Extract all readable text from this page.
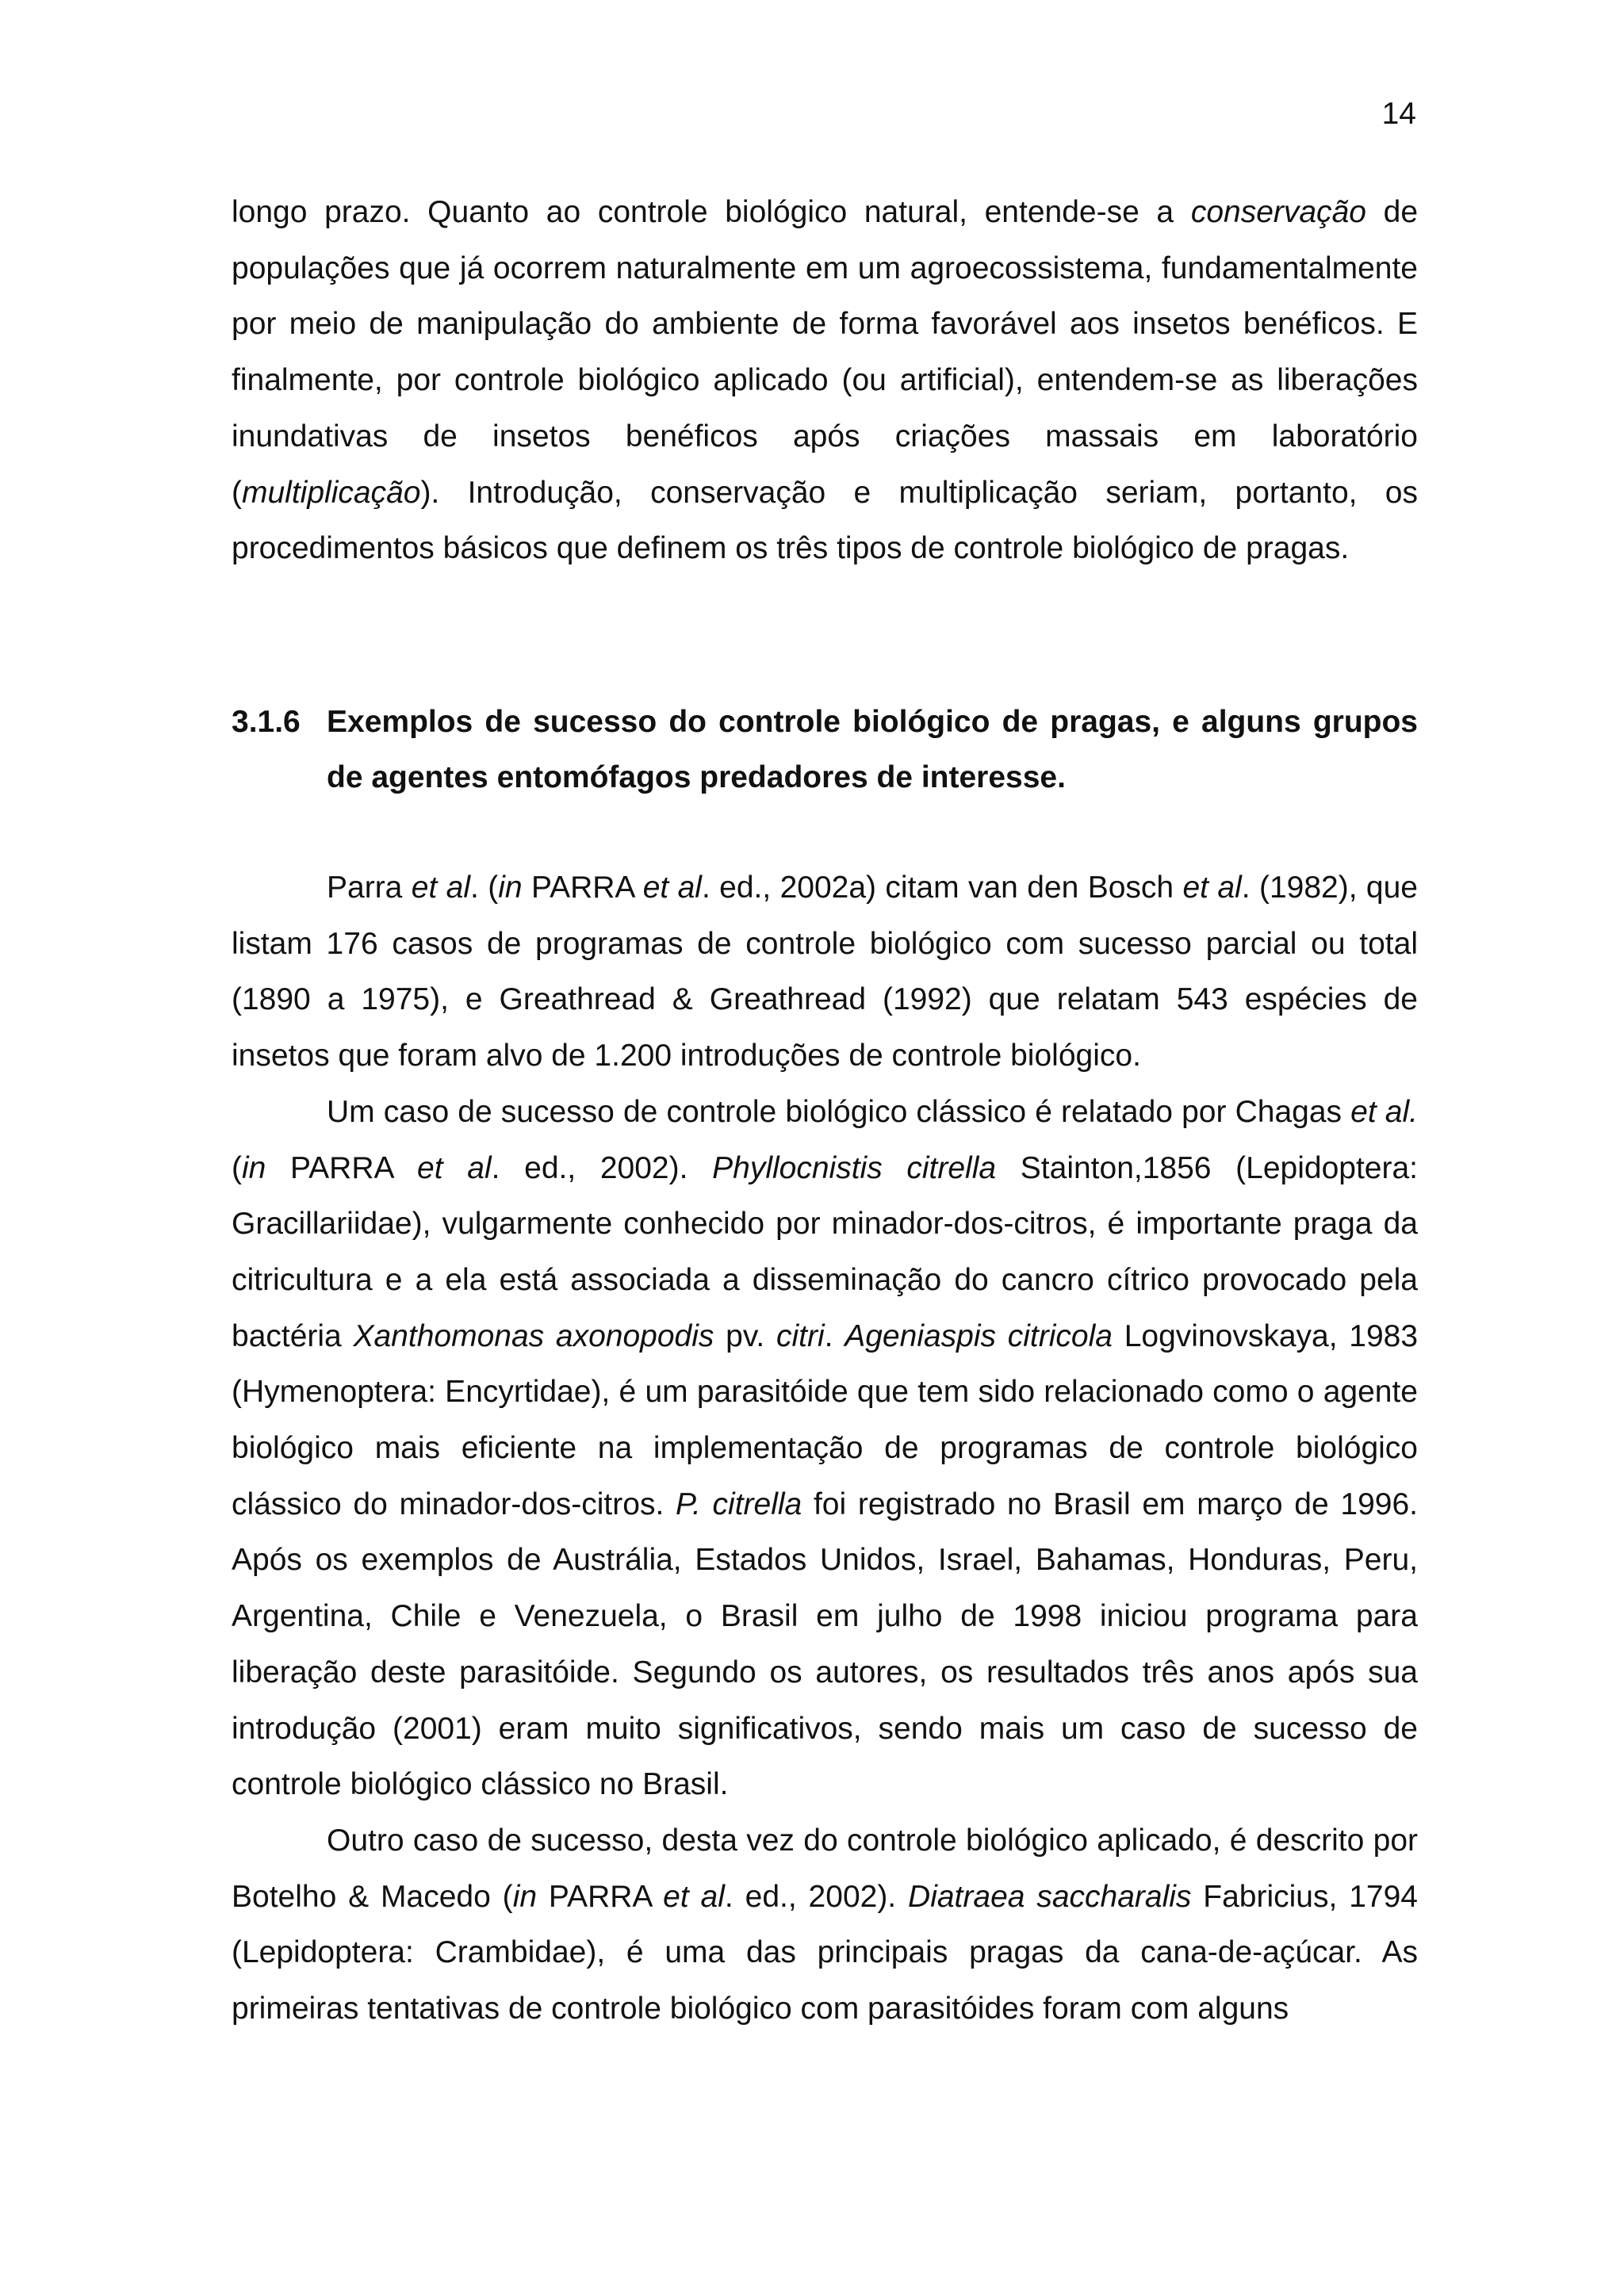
14

longo prazo. Quanto ao controle biológico natural, entende-se a conservação de populações que já ocorrem naturalmente em um agroecossistema, fundamentalmente por meio de manipulação do ambiente de forma favorável aos insetos benéficos. E finalmente, por controle biológico aplicado (ou artificial), entendem-se as liberações inundativas de insetos benéficos após criações massais em laboratório (multiplicação). Introdução, conservação e multiplicação seriam, portanto, os procedimentos básicos que definem os três tipos de controle biológico de pragas.

3.1.6 Exemplos de sucesso do controle biológico de pragas, e alguns grupos de agentes entomófagos predadores de interesse.

Parra et al. (in PARRA et al. ed., 2002a) citam van den Bosch et al. (1982), que listam 176 casos de programas de controle biológico com sucesso parcial ou total (1890 a 1975), e Greathread & Greathread (1992) que relatam 543 espécies de insetos que foram alvo de 1.200 introduções de controle biológico.

Um caso de sucesso de controle biológico clássico é relatado por Chagas et al. (in PARRA et al. ed., 2002). Phyllocnistis citrella Stainton,1856 (Lepidoptera: Gracillariidae), vulgarmente conhecido por minador-dos-citros, é importante praga da citricultura e a ela está associada a disseminação do cancro cítrico provocado pela bactéria Xanthomonas axonopodis pv. citri. Ageniaspis citricola Logvinovskaya, 1983 (Hymenoptera: Encyrtidae), é um parasitóide que tem sido relacionado como o agente biológico mais eficiente na implementação de programas de controle biológico clássico do minador-dos-citros. P. citrella foi registrado no Brasil em março de 1996. Após os exemplos de Austrália, Estados Unidos, Israel, Bahamas, Honduras, Peru, Argentina, Chile e Venezuela, o Brasil em julho de 1998 iniciou programa para liberação deste parasitóide. Segundo os autores, os resultados três anos após sua introdução (2001) eram muito significativos, sendo mais um caso de sucesso de controle biológico clássico no Brasil.

Outro caso de sucesso, desta vez do controle biológico aplicado, é descrito por Botelho & Macedo (in PARRA et al. ed., 2002). Diatraea saccharalis Fabricius, 1794 (Lepidoptera: Crambidae), é uma das principais pragas da cana-de-açúcar. As primeiras tentativas de controle biológico com parasitóides foram com alguns
